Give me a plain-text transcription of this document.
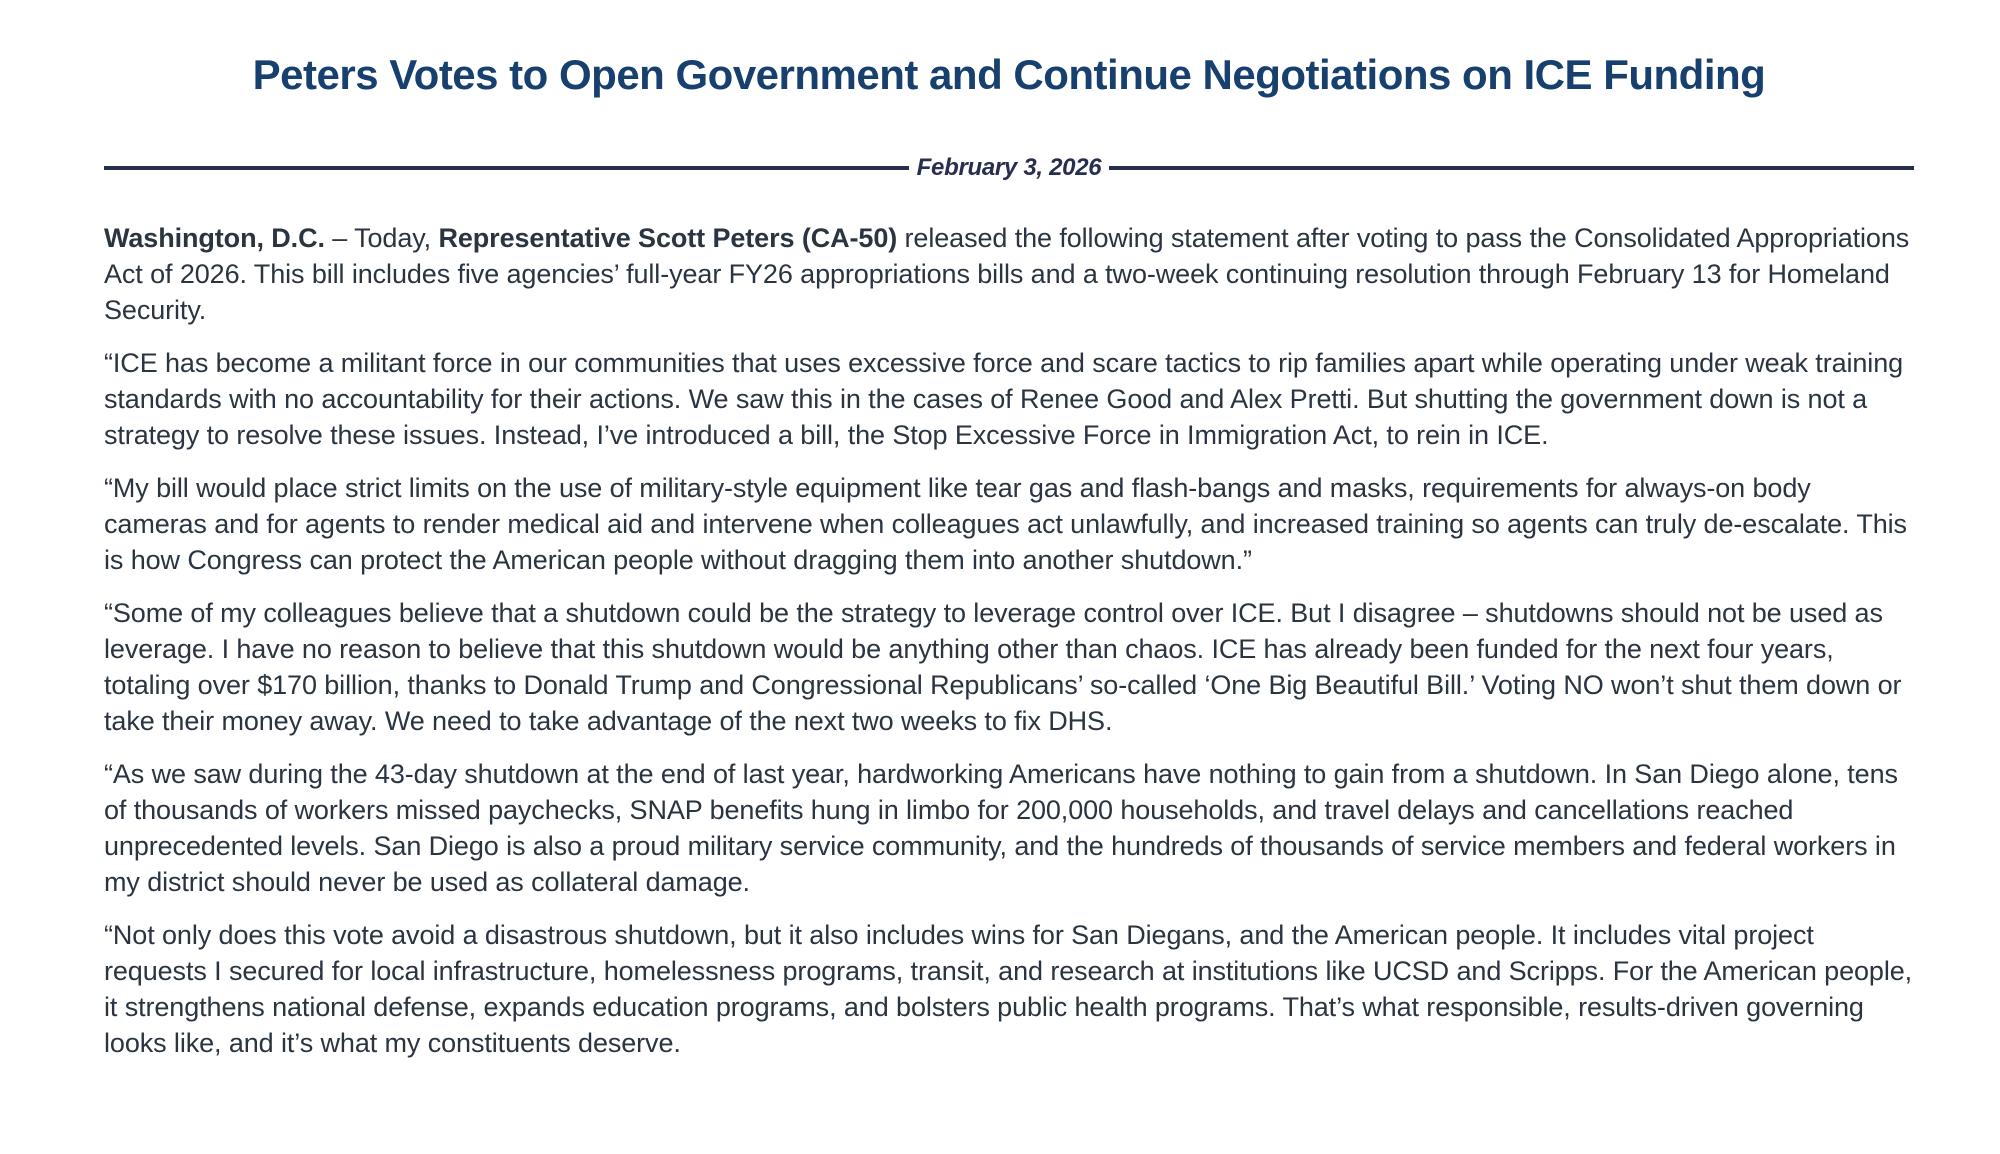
Peters Votes to Open Government and Continue Negotiations on ICE Funding
February 3, 2026

Washington, D.C. – Today, Representative Scott Peters (CA-50) released the following statement after voting to pass the Consolidated Appropriations Act of 2026. This bill includes five agencies’ full-year FY26 appropriations bills and a two-week continuing resolution through February 13 for Homeland Security.

“ICE has become a militant force in our communities that uses excessive force and scare tactics to rip families apart while operating under weak training standards with no accountability for their actions. We saw this in the cases of Renee Good and Alex Pretti. But shutting the government down is not a strategy to resolve these issues. Instead, I’ve introduced a bill, the Stop Excessive Force in Immigration Act, to rein in ICE.

“My bill would place strict limits on the use of military-style equipment like tear gas and flash-bangs and masks, requirements for always-on body cameras and for agents to render medical aid and intervene when colleagues act unlawfully, and increased training so agents can truly de-escalate. This is how Congress can protect the American people without dragging them into another shutdown.”

“Some of my colleagues believe that a shutdown could be the strategy to leverage control over ICE. But I disagree – shutdowns should not be used as leverage. I have no reason to believe that this shutdown would be anything other than chaos. ICE has already been funded for the next four years, totaling over $170 billion, thanks to Donald Trump and Congressional Republicans’ so-called ‘One Big Beautiful Bill.’ Voting NO won’t shut them down or take their money away. We need to take advantage of the next two weeks to fix DHS.

“As we saw during the 43-day shutdown at the end of last year, hardworking Americans have nothing to gain from a shutdown. In San Diego alone, tens of thousands of workers missed paychecks, SNAP benefits hung in limbo for 200,000 households, and travel delays and cancellations reached unprecedented levels. San Diego is also a proud military service community, and the hundreds of thousands of service members and federal workers in my district should never be used as collateral damage.

“Not only does this vote avoid a disastrous shutdown, but it also includes wins for San Diegans, and the American people. It includes vital project requests I secured for local infrastructure, homelessness programs, transit, and research at institutions like UCSD and Scripps. For the American people, it strengthens national defense, expands education programs, and bolsters public health programs. That’s what responsible, results-driven governing looks like, and it’s what my constituents deserve.
